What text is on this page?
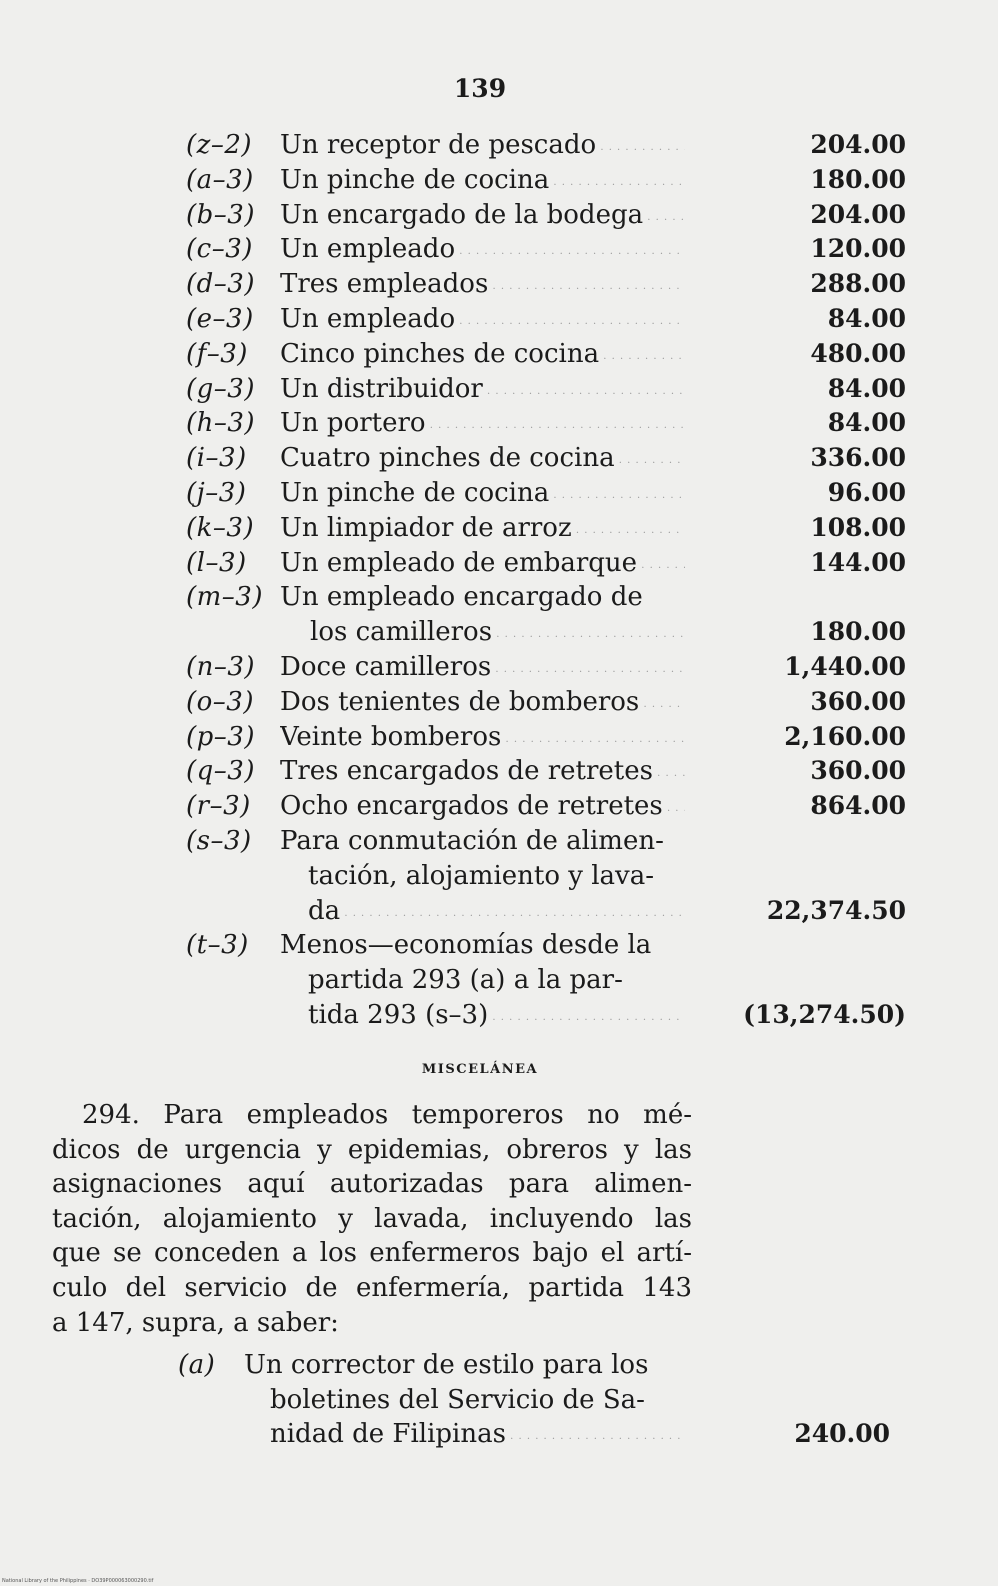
139
(z–2)	Un receptor de pescado . . .	204.00
(a–3)	Un pinche de cocina . . .	180.00
(b–3) Un encargado de la bodega . . .	204.00
(c–3)	Un empleado . . .	120.00
(d–3) Tres empleados . . .	288.00
(e–3)	Un empleado . . .	84.00
(f–3)	Cinco pinches de cocina . . .	480.00
(g–3) Un distribuidor . . .	84.00
(h–3) Un portero . . .	84.00
(i–3)	Cuatro pinches de cocina . . .	336.00
(j–3)	Un pinche de cocina . . .	96.00
(k–3) Un limpiador de arroz . . .	108.00
(l–3)	Un empleado de embarque . . .	144.00
(m–3) Un empleado encargado de
los camilleros . . .	180.00
(n–3) Doce camilleros . . .	1,440.00
(o–3)	Dos tenientes de bomberos . . .	360.00
(p–3) Veinte bomberos . . .	2,160.00
(q–3) Tres encargados de retretes . . .	360.00
(r–3)	Ocho encargados de retretes . . .	864.00
(s–3)	Para conmutación de alimen-
tación, alojamiento y lava-
da . . .	22,374.50
(t–3)	Menos—economías desde la
partida 293 (a) a la par-
tida 293 (s–3) . . .	(13,274.50)
MISCELÁNEA
294. Para empleados temporeros no mé-
dicos de urgencia y epidemias, obreros y las
asignaciones aquí autorizadas para alimen-
tación, alojamiento y lavada, incluyendo las
que se conceden a los enfermeros bajo el artí-
culo del servicio de enfermería, partida 143
a 147, supra, a saber:
(a)	Un corrector de estilo para los
boletines del Servicio de Sa-
nidad de Filipinas . . .	240.00
National Library of the Philippines · DO39P000063000290.tif
